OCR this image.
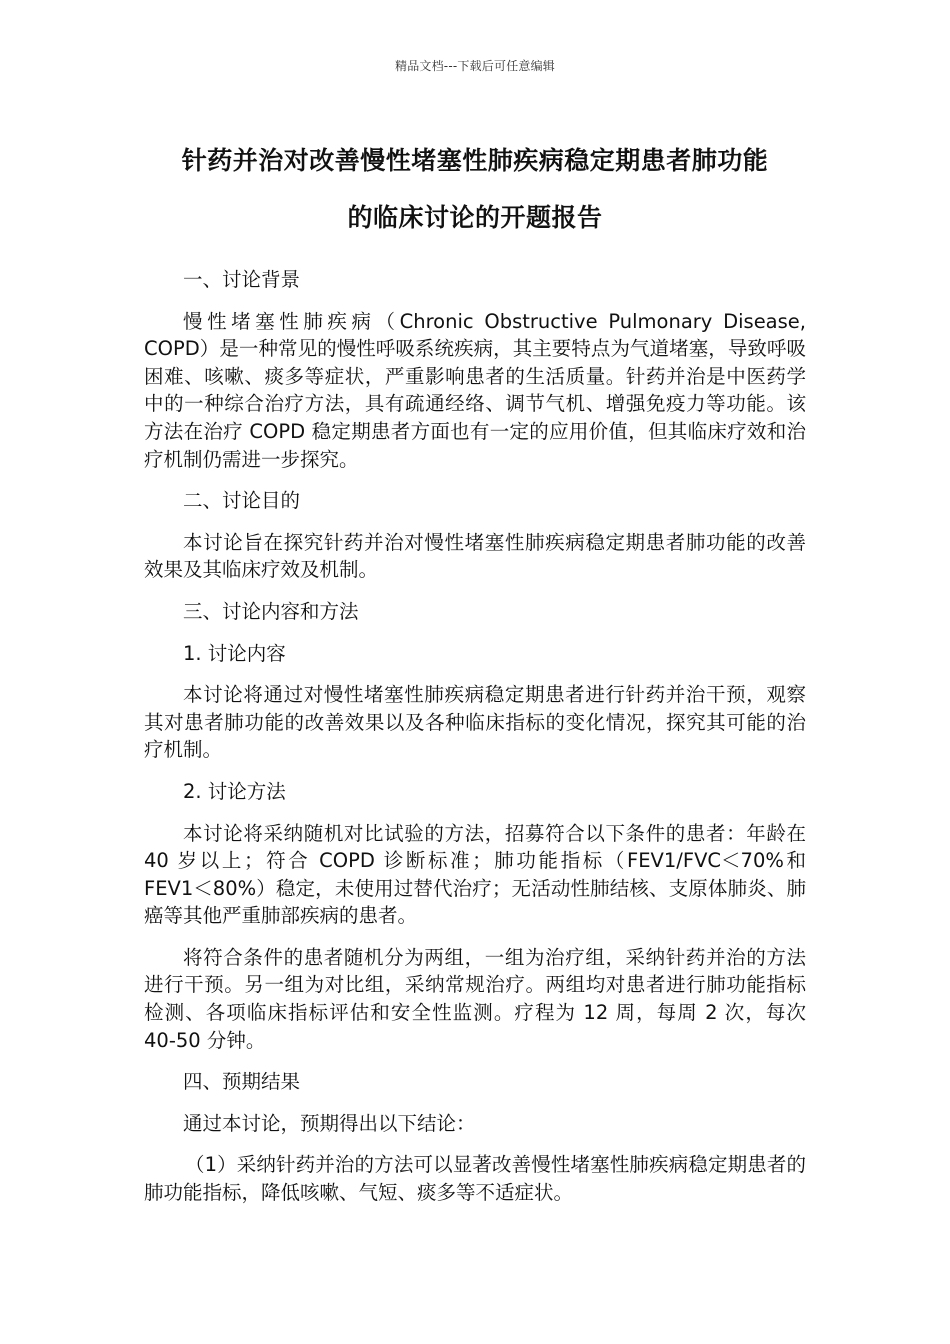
精品文档---下载后可任意编辑
针药并治对改善慢性堵塞性肺疾病稳定期患者肺功能
的临床讨论的开题报告

一、讨论背景

慢性堵塞性肺疾病（Chronic Obstructive Pulmonary Disease, COPD）是一种常见的慢性呼吸系统疾病，其主要特点为气道堵塞，导致呼吸困难、咳嗽、痰多等症状，严重影响患者的生活质量。针药并治是中医药学中的一种综合治疗方法，具有疏通经络、调节气机、增强免疫力等功能。该方法在治疗 COPD 稳定期患者方面也有一定的应用价值，但其临床疗效和治疗机制仍需进一步探究。

二、讨论目的

本讨论旨在探究针药并治对慢性堵塞性肺疾病稳定期患者肺功能的改善效果及其临床疗效及机制。

三、讨论内容和方法

1. 讨论内容

本讨论将通过对慢性堵塞性肺疾病稳定期患者进行针药并治干预，观察其对患者肺功能的改善效果以及各种临床指标的变化情况，探究其可能的治疗机制。

2. 讨论方法

本讨论将采纳随机对比试验的方法，招募符合以下条件的患者：年龄在 40 岁以上；符合 COPD 诊断标准；肺功能指标（FEV1/FVC＜70%和 FEV1＜80%）稳定，未使用过替代治疗；无活动性肺结核、支原体肺炎、肺癌等其他严重肺部疾病的患者。

将符合条件的患者随机分为两组，一组为治疗组，采纳针药并治的方法进行干预。另一组为对比组，采纳常规治疗。两组均对患者进行肺功能指标检测、各项临床指标评估和安全性监测。疗程为 12 周，每周 2 次，每次 40-50 分钟。

四、预期结果

通过本讨论，预期得出以下结论：

（1）采纳针药并治的方法可以显著改善慢性堵塞性肺疾病稳定期患者的肺功能指标，降低咳嗽、气短、痰多等不适症状。
